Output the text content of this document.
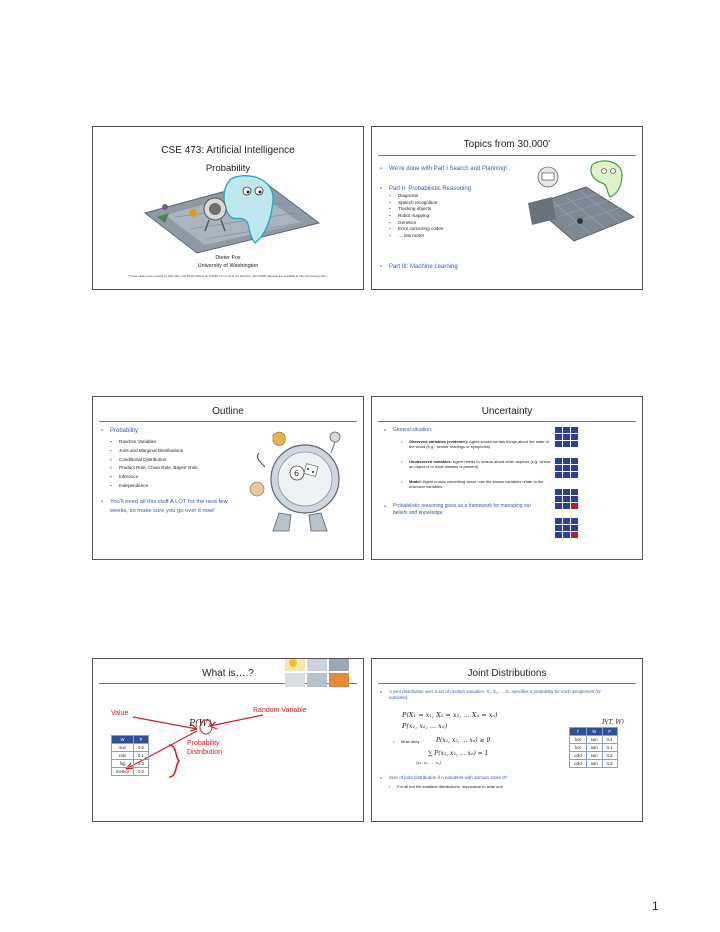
CSE 473: Artificial Intelligence
Probability
Dieter Fox
University of Washington
[These slides were created by Dan Klein and Pieter Abbeel for CS188 Intro to AI at UC Berkeley. All CS188 materials are available at http://ai.berkeley.edu.]
Topics from 30,000’
▪ We’re done with Part I Search and Planning!
▪ Part II: Probabilistic Reasoning
▪ Diagnosis
▪ Speech recognition
▪ Tracking objects
▪ Robot mapping
▪ Genetics
▪ Error correcting codes
▪ … lots more!
▪ Part III: Machine Learning
Outline
▪ Probability
▪ Random Variables
▪ Joint and Marginal Distributions
▪ Conditional Distribution
▪ Product Rule, Chain Rule, Bayes’ Rule
▪ Inference
▪ Independence
▪ You’ll need all this stuff A LOT for the next few weeks, so make sure you go over it now!
6
Uncertainty
▪ General situation:
▪ Observed variables (evidence): Agent knows certain things about the state of the world (e.g., sensor readings or symptoms)
▪ Unobserved variables: Agent needs to reason about other aspects (e.g. where an object is or what disease is present)
▪ Model: Agent knows something about how the known variables relate to the unknown variables
▪ Probabilistic reasoning gives us a framework for managing our beliefs and knowledge
What is….?
Value	Random Variable
P(W)
W	P
sun	0.6
rain	0.1
fog	0.3
meteor	0.0
Probability
Distribution
Joint Distributions
▪ A joint distribution over a set of random variables: X₁, X₂, … Xₙ specifies a probability for each assignment (or outcome):
P(X₁ = x₁, X₂ = x₂, … Xₙ = xₙ)
P(x₁, x₂, … xₙ)	P(T, W)
▪ Must obey:	P(x₁, x₂, … xₙ) ≥ 0
∑ P(x₁, x₂, … xₙ) = 1
(x₁, x₂, … xₙ)
T	W	P
hot	sun	0.4
hot	rain	0.1
cold	sun	0.2
cold	rain	0.3
▪ Size of joint distribution if n variables with domain sizes d?
▪ For all but the smallest distributions, impractical to write out!
1
